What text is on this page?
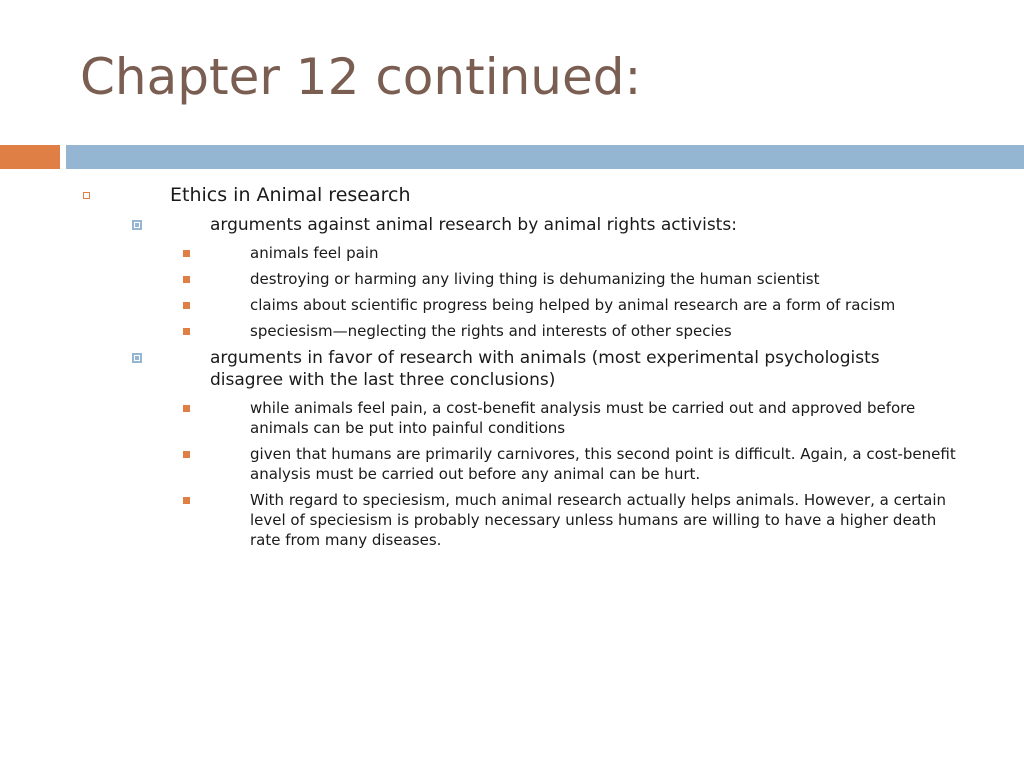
Chapter 12 continued:
Ethics in Animal research
arguments against animal research by animal rights activists:
animals feel pain
destroying or harming any living thing is dehumanizing the human scientist
claims about scientific progress being helped by animal research are a form of racism
speciesism—neglecting the rights and interests of other species
arguments in favor of research with animals (most experimental psychologists disagree with the last three conclusions)
while animals feel pain, a cost-benefit analysis must be carried out and approved before animals can be put into painful conditions
given that humans are primarily carnivores, this second point is difficult. Again, a cost-benefit analysis must be carried out before any animal can be hurt.
With regard to speciesism, much animal research actually helps animals. However, a certain level of speciesism is probably necessary unless humans are willing to have a higher death rate from many diseases.
